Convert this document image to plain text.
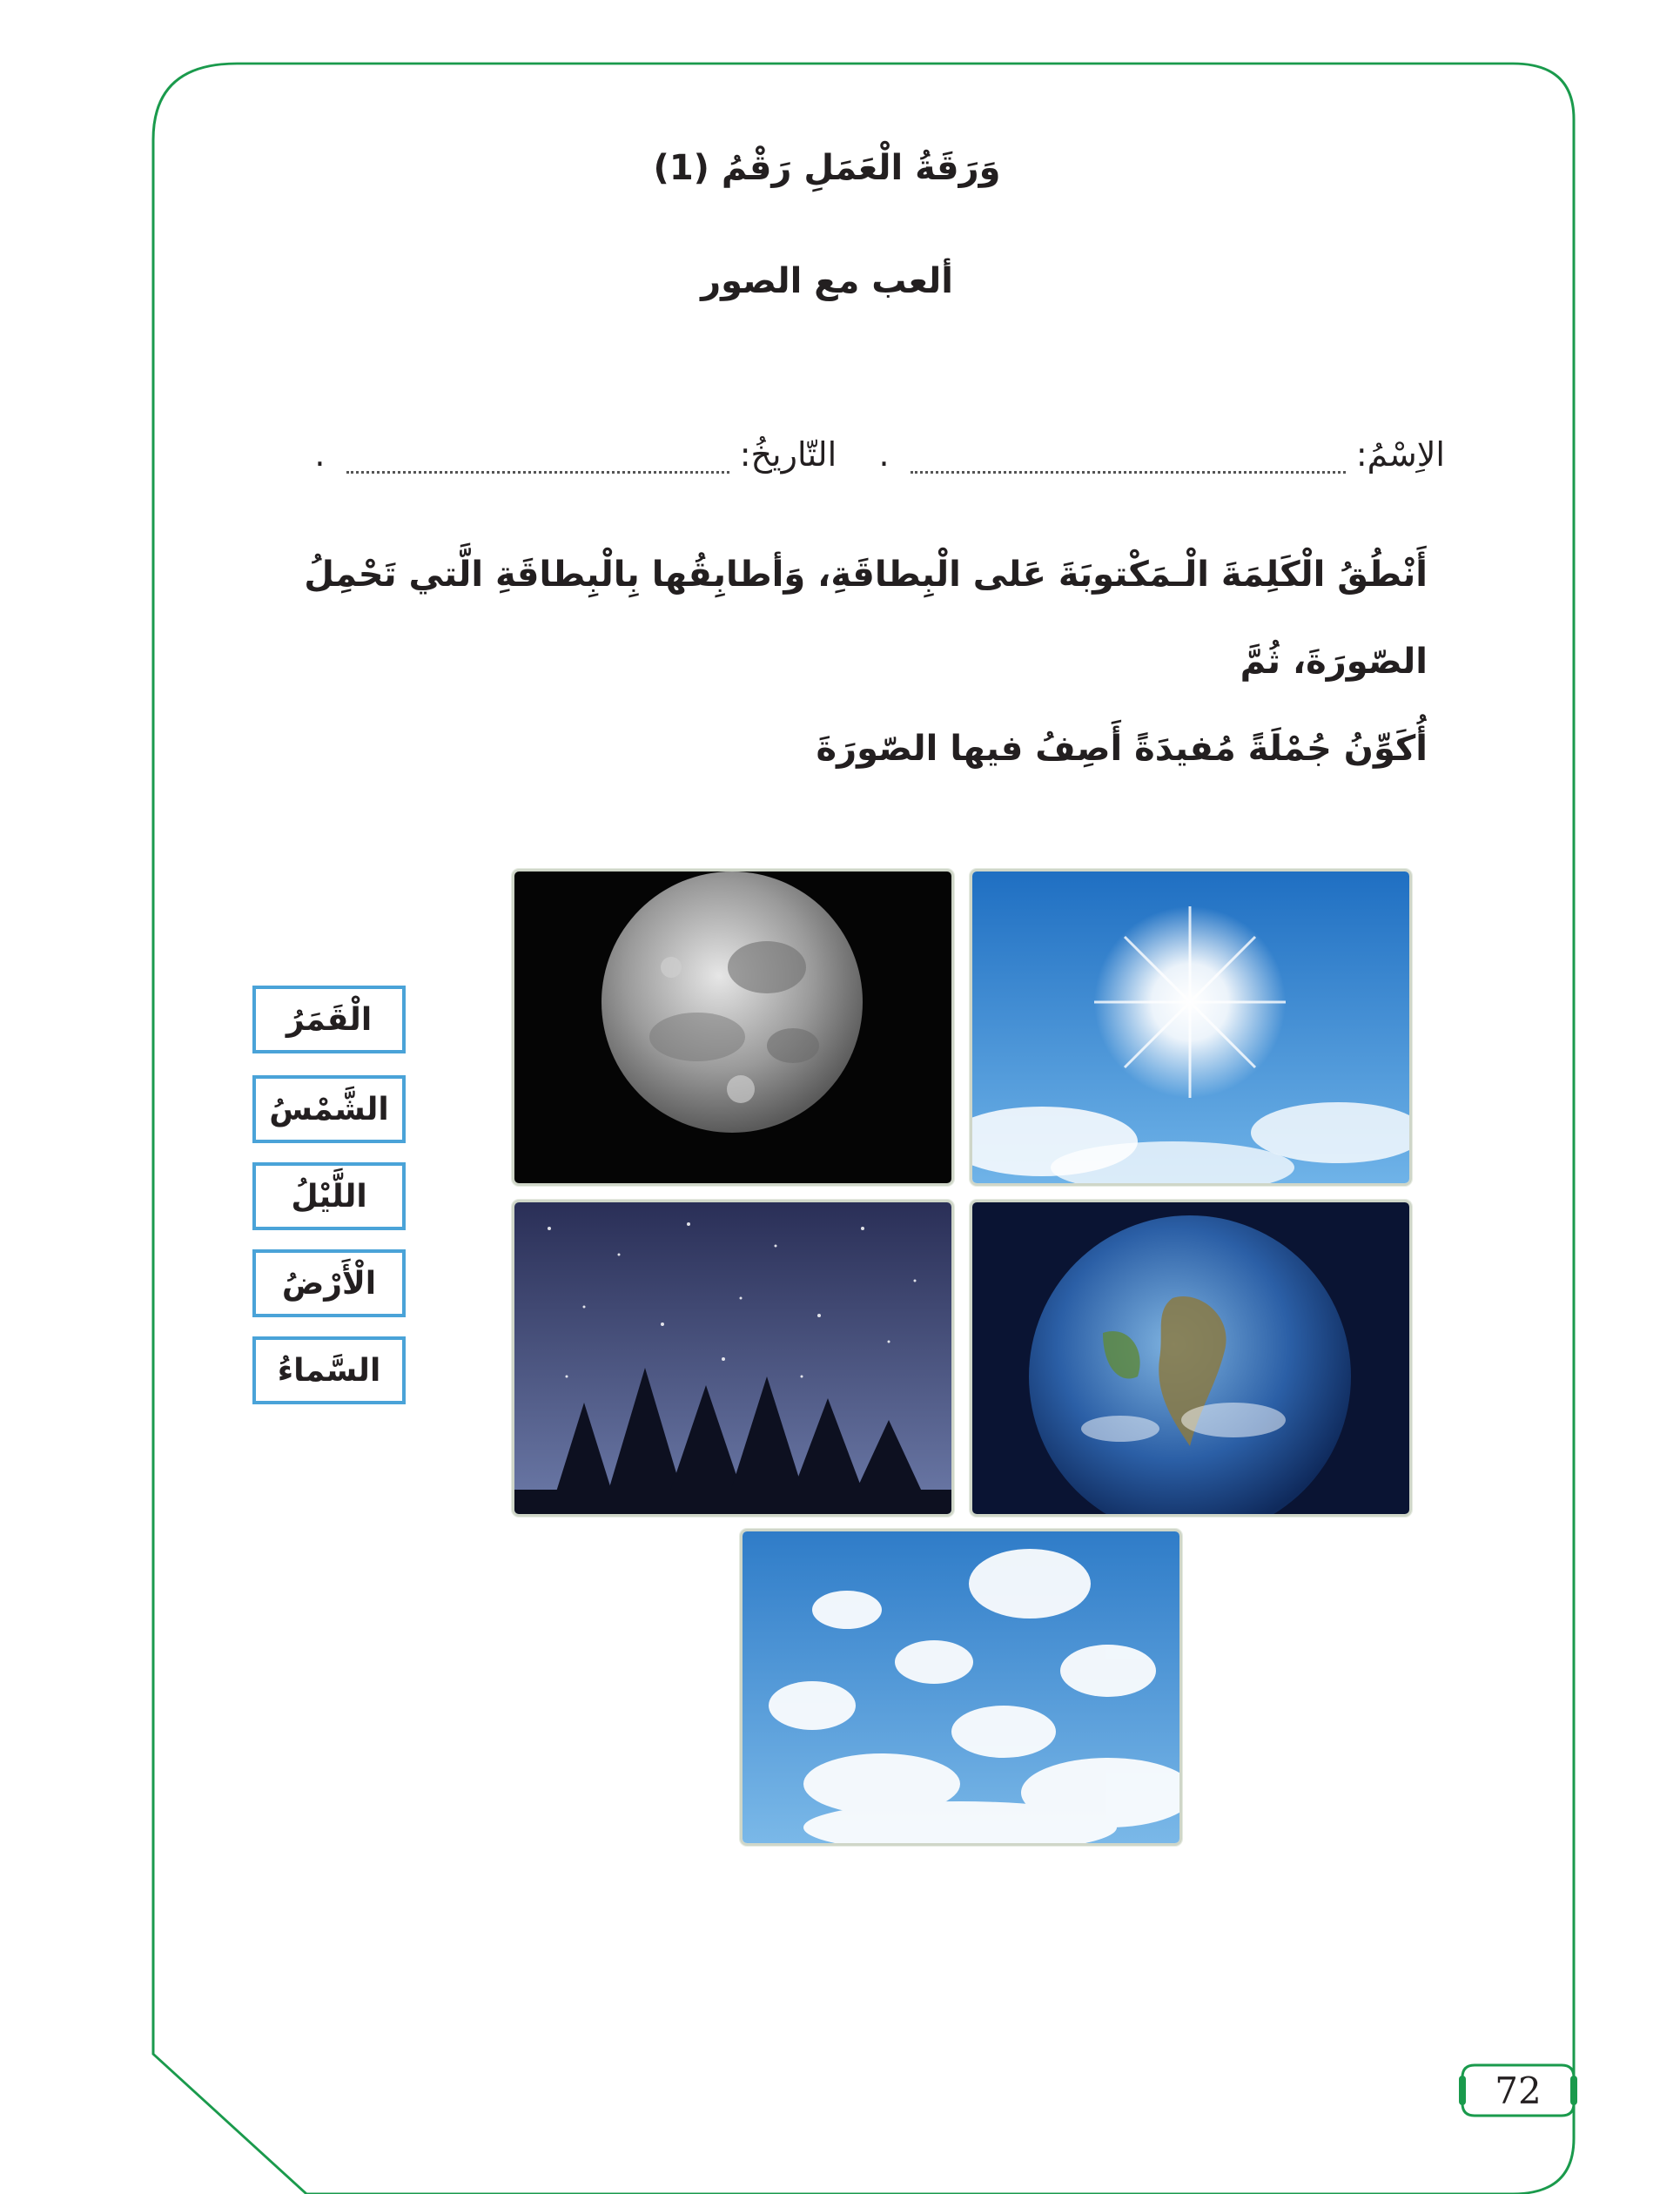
وَرَقَةُ الْعَمَلِ رَقْمُ (1)
ألعب مع الصور
الاِسْمُ:   .    التّاريخُ:   .
أَنْطُقُ الْكَلِمَةَ الْـمَكْتوبَةَ عَلى الْبِطاقَةِ، وَأطابِقُها بِالْبِطاقَةِ الَّتي تَحْمِلُ الصّورَةَ، ثُمَّ
أُكَوِّنُ جُمْلَةً مُفيدَةً أَصِفُ فيها الصّورَةَ
الْقَمَرُ
الشَّمْسُ
اللَّيْلُ
الْأَرْضُ
السَّماءُ
72
